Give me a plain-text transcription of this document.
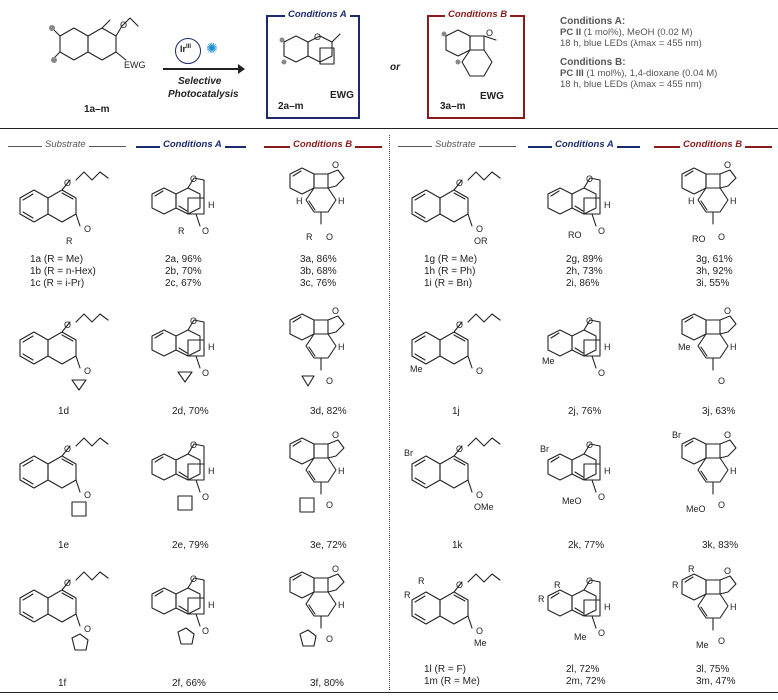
O
EWG
1a–m
$Ir^{III}$ ✺
Selective
Photocatalysis
Conditions A
O
EWG
2a–m
or
Conditions B
O
EWG
3a–m
Conditions A:
PC II (1 mol%), MeOH (0.02 M)
18 h, blue LEDs (λmax = 455 nm)
Conditions B:
PC III (1 mol%), 1,4-dioxane (0.04 M)
18 h, blue LEDs (λmax = 455 nm)
Substrate	Conditions A	Conditions B	Substrate	Conditions A	Conditions B
O
O
R
1a (R = Me)
1b (R = n-Hex)
1c (R = i-Pr)
O
H
R O
2a, 96%
2b, 70%
2c, 67%
O
H	H
R O
3a, 86%
3b, 68%
3c, 76%
O
O
1d
O
H
O
2d, 70%
O
H
O
3d, 82%
O
O
1e
O
H
O
2e, 79%
O
H
O
3e, 72%
O
O
1f
O
H
O
2f, 66%
O
H
O
3f, 80%
O
O
OR
1g (R = Me)
1h (R = Ph)
1i (R = Bn)
O
H
RO O
2g, 89%
2h, 73%
2i, 86%
O
H	H
RO O
3g, 61%
3h, 92%
3i, 55%
O
O
Me
1j
O
H
O
Me
2j, 76%
O
H
Me
O
3j, 63%
O
O
OMe
Br
1k
O
H
O
MeO
Br
2k, 77%
O
H
O
MeO
Br
3k, 83%
O
O
Me
R
R
1l (R = F)
1m (R = Me)
O
H
O
Me
R
R
2l, 72%
2m, 72%
O
H
O
Me
R
R
3l, 75%
3m, 47%
